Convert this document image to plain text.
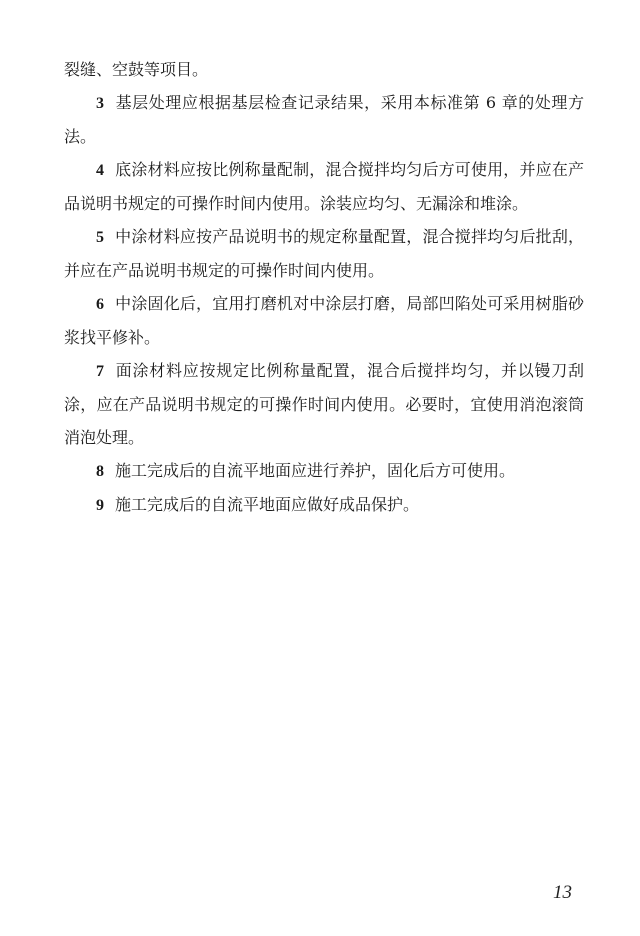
裂缝、空鼓等项目。

3 基层处理应根据基层检查记录结果，采用本标准第 6 章的处理方法。

4 底涂材料应按比例称量配制，混合搅拌均匀后方可使用，并应在产品说明书规定的可操作时间内使用。涂装应均匀、无漏涂和堆涂。

5 中涂材料应按产品说明书的规定称量配置，混合搅拌均匀后批刮，并应在产品说明书规定的可操作时间内使用。

6 中涂固化后，宜用打磨机对中涂层打磨，局部凹陷处可采用树脂砂浆找平修补。

7 面涂材料应按规定比例称量配置，混合后搅拌均匀，并以镘刀刮涂，应在产品说明书规定的可操作时间内使用。必要时，宜使用消泡滚筒消泡处理。

8 施工完成后的自流平地面应进行养护，固化后方可使用。

9 施工完成后的自流平地面应做好成品保护。

13
